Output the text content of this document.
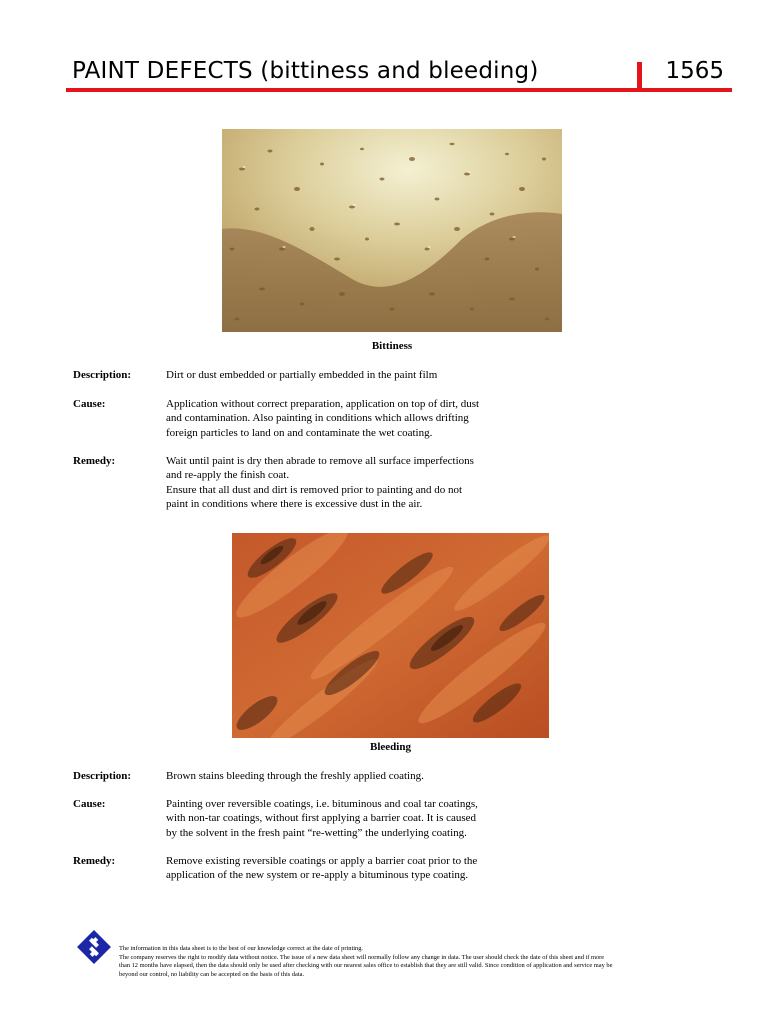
PAINT DEFECTS (bittiness and bleeding)	1565
Bittiness
Description:	Dirt or dust embedded or partially embedded in the paint film
Cause:	Application without correct preparation, application on top of dirt, dust
and contamination. Also painting in conditions which allows drifting
foreign particles to land on and contaminate the wet coating.
Remedy:	Wait until paint is dry then abrade to remove all surface imperfections
and re-apply the finish coat.
Ensure that all dust and dirt is removed prior to painting and do not
paint in conditions where there is excessive dust in the air.
Bleeding
Description:	Brown stains bleeding through the freshly applied coating.
Cause:	Painting over reversible coatings, i.e. bituminous and coal tar coatings,
with non-tar coatings, without first applying a barrier coat. It is caused
by the solvent in the fresh paint “re-wetting” the underlying coating.
Remedy:	Remove existing reversible coatings or apply a barrier coat prior to the
application of the new system or re-apply a bituminous type coating.
The information in this data sheet is to the best of our knowledge correct at the date of printing.
The company reserves the right to modify data without notice. The issue of a new data sheet will normally follow any change in data. The user should check the date of this sheet and if more
than 12 months have elapsed, then the data should only be used after checking with our nearest sales office to establish that they are still valid. Since condition of application and service may be
beyond our control, no liability can be accepted on the basis of this data.
